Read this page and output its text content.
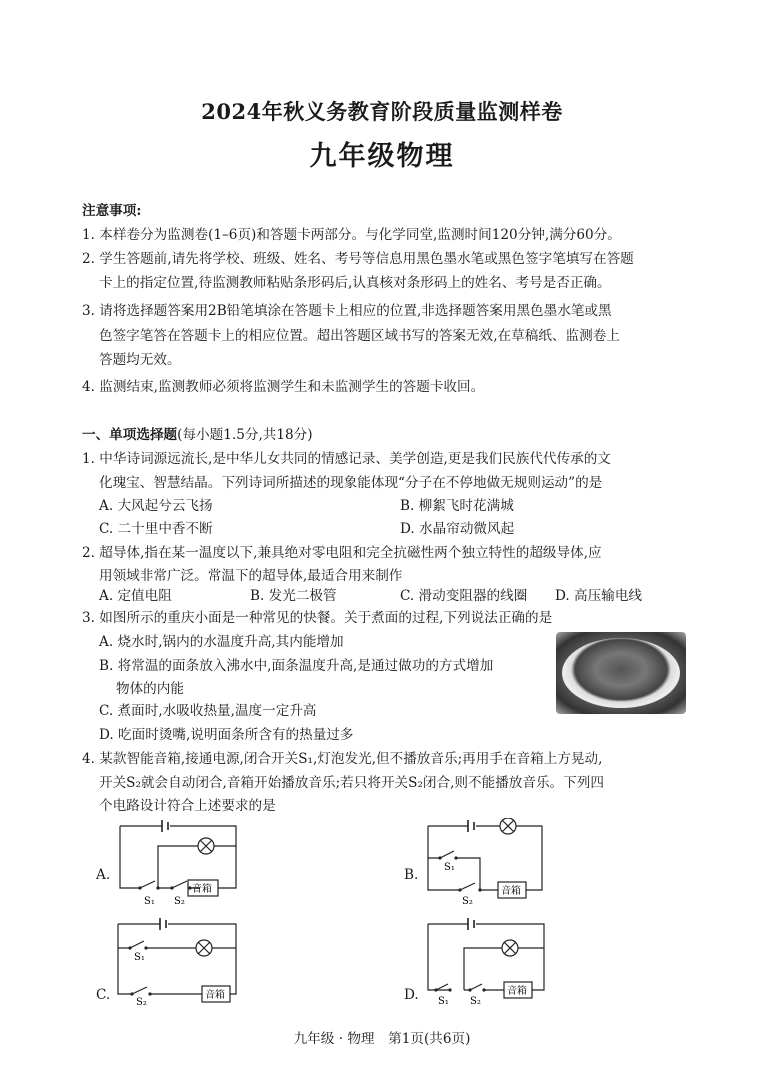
2024年秋义务教育阶段质量监测样卷
九年级物理
注意事项:
1. 本样卷分为监测卷(1–6页)和答题卡两部分。与化学同堂,监测时间120分钟,满分60分。
2. 学生答题前,请先将学校、班级、姓名、考号等信息用黑色墨水笔或黑色签字笔填写在答题
卡上的指定位置,待监测教师粘贴条形码后,认真核对条形码上的姓名、考号是否正确。
3. 请将选择题答案用2B铅笔填涂在答题卡上相应的位置,非选择题答案用黑色墨水笔或黑
色签字笔答在答题卡上的相应位置。超出答题区域书写的答案无效,在草稿纸、监测卷上
答题均无效。
4. 监测结束,监测教师必须将监测学生和未监测学生的答题卡收回。
一、单项选择题(每小题1.5分,共18分)
1. 中华诗词源远流长,是中华儿女共同的情感记录、美学创造,更是我们民族代代传承的文
化瑰宝、智慧结晶。下列诗词所描述的现象能体现“分子在不停地做无规则运动”的是
A. 大风起兮云飞扬	B. 柳絮飞时花满城
C. 二十里中香不断	D. 水晶帘动微风起
2. 超导体,指在某一温度以下,兼具绝对零电阻和完全抗磁性两个独立特性的超级导体,应
用领域非常广泛。常温下的超导体,最适合用来制作
A. 定值电阻	B. 发光二极管	C. 滑动变阻器的线圈 D. 高压输电线
3. 如图所示的重庆小面是一种常见的快餐。关于煮面的过程,下列说法正确的是
A. 烧水时,锅内的水温度升高,其内能增加
B. 将常温的面条放入沸水中,面条温度升高,是通过做功的方式增加
物体的内能
C. 煮面时,水吸收热量,温度一定升高
D. 吃面时烫嘴,说明面条所含有的热量过多
4. 某款智能音箱,接通电源,闭合开关S₁,灯泡发光,但不播放音乐;再用手在音箱上方晃动,
开关S₂就会自动闭合,音箱开始播放音乐;若只将开关S₂闭合,则不能播放音乐。下列四
个电路设计符合上述要求的是
A.
音箱
S₁ S₂
B.
音箱
S₁
S₂
C.	音箱
S₁
S₂	D.	音箱
S₁ S₂
九年级 · 物理　第1页(共6页)
